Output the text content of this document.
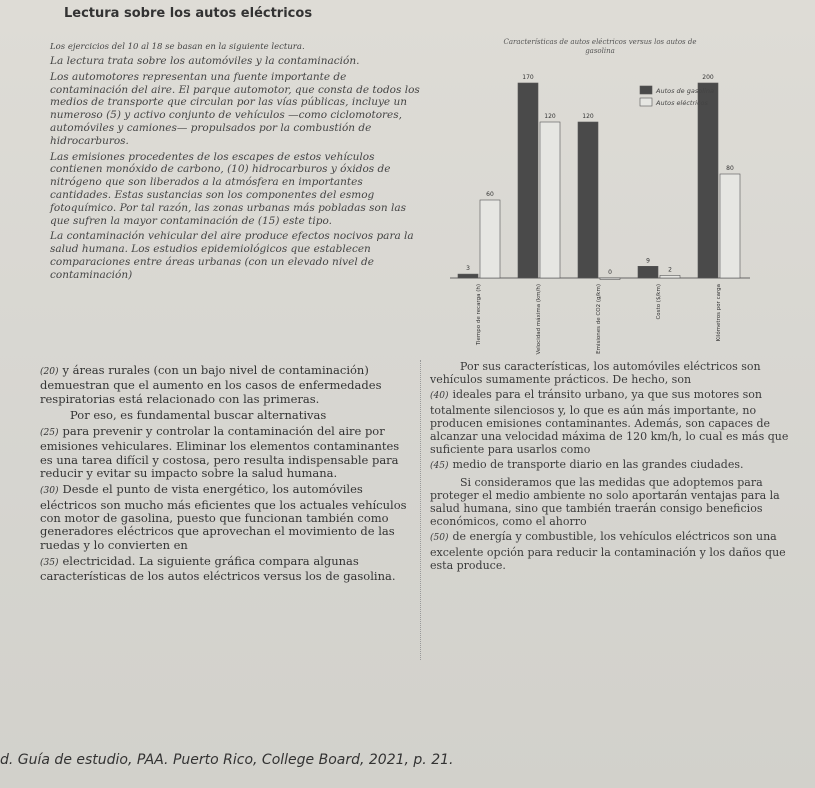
Lectura sobre los autos eléctricos

Los ejercicios del 10 al 18 se basan en la siguiente lectura.

La lectura trata sobre los automóviles y la contaminación.

Los automotores representan una fuente importante de contaminación del aire. El parque automotor, que consta de todos los medios de transporte que circulan por las vías públicas, incluye un numeroso (5) y activo conjunto de vehículos —como ciclomotores, automóviles y camiones— propulsados por la combustión de hidrocarburos.

Las emisiones procedentes de los escapes de estos vehículos contienen monóxido de carbono, (10) hidrocarburos y óxidos de nitrógeno que son liberados a la atmósfera en importantes cantidades. Estas sustancias son los componentes del esmog fotoquímico. Por tal razón, las zonas urbanas más pobladas son las que sufren la mayor contaminación de (15) este tipo.

La contaminación vehicular del aire produce efectos nocivos para la salud humana. Los estudios epidemiológicos que establecen comparaciones entre áreas urbanas (con un elevado nivel de contaminación)

(20) y áreas rurales (con un bajo nivel de contaminación) demuestran que el aumento en los casos de enfermedades respiratorias está relacionado con las primeras.

Por eso, es fundamental buscar alternativas

(25) para prevenir y controlar la contaminación del aire por emisiones vehiculares. Eliminar los elementos contaminantes es una tarea difícil y costosa, pero resulta indispensable para reducir y evitar su impacto sobre la salud humana.

(30) Desde el punto de vista energético, los automóviles eléctricos son mucho más eficientes que los actuales vehículos con motor de gasolina, puesto que funcionan también como generadores eléctricos que aprovechan el movimiento de las ruedas y lo convierten en

(35) electricidad. La siguiente gráfica compara algunas características de los autos eléctricos versus los de gasolina.

Características de autos eléctricos versus los autos de gasolina
3
60
Tiempo de recarga (h)
170
120
Velocidad máxima (km/h)
120
0
Emisiones de CO2 (g/km)
9
2
Costo ($/km)
200
80
Kilómetros por carga
Autos de gasolina
Autos eléctricos

Por sus características, los automóviles eléctricos son vehículos sumamente prácticos. De hecho, son

(40) ideales para el tránsito urbano, ya que sus motores son totalmente silenciosos y, lo que es aún más importante, no producen emisiones contaminantes. Además, son capaces de alcanzar una velocidad máxima de 120 km/h, lo cual es más que suficiente para usarlos como

(45) medio de transporte diario en las grandes ciudades.

Si consideramos que las medidas que adoptemos para proteger el medio ambiente no solo aportarán ventajas para la salud humana, sino que también traerán consigo beneficios económicos, como el ahorro

(50) de energía y combustible, los vehículos eléctricos son una excelente opción para reducir la contaminación y los daños que esta produce.

d. Guía de estudio, PAA. Puerto Rico, College Board, 2021, p. 21.
